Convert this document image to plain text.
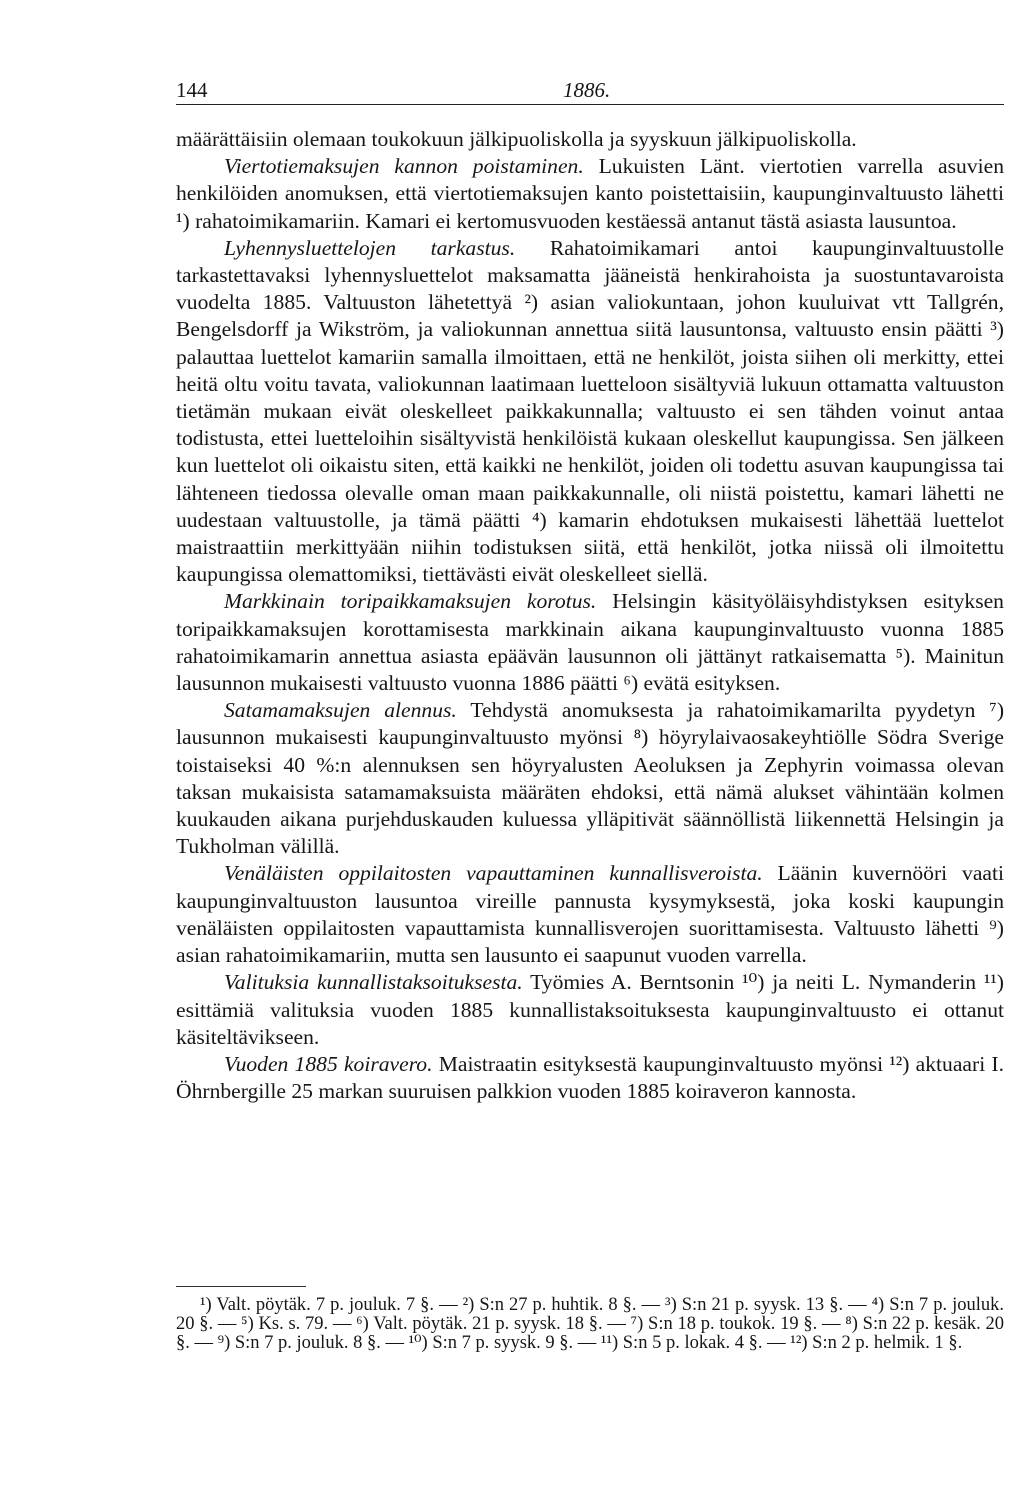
144	1886.

määrättäisiin olemaan toukokuun jälkipuoliskolla ja syyskuun jälkipuoliskolla.

Viertotiemaksujen kannon poistaminen. Lukuisten Länt. viertotien varrella asuvien henkilöiden anomuksen, että viertotiemaksujen kanto poistettaisiin, kaupunginvaltuusto lähetti ¹) rahatoimikamariin. Kamari ei kertomusvuoden kestäessä antanut tästä asiasta lausuntoa.

Lyhennysluettelojen tarkastus. Rahatoimikamari antoi kaupunginvaltuustolle tarkastettavaksi lyhennysluettelot maksamatta jääneistä henkirahoista ja suostuntavaroista vuodelta 1885. Valtuuston lähetettyä ²) asian valiokuntaan, johon kuuluivat vtt Tallgrén, Bengelsdorff ja Wikström, ja valiokunnan annettua siitä lausuntonsa, valtuusto ensin päätti ³) palauttaa luettelot kamariin samalla ilmoittaen, että ne henkilöt, joista siihen oli merkitty, ettei heitä oltu voitu tavata, valiokunnan laatimaan luetteloon sisältyviä lukuun ottamatta valtuuston tietämän mukaan eivät oleskelleet paikkakunnalla; valtuusto ei sen tähden voinut antaa todistusta, ettei luetteloihin sisältyvistä henkilöistä kukaan oleskellut kaupungissa. Sen jälkeen kun luettelot oli oikaistu siten, että kaikki ne henkilöt, joiden oli todettu asuvan kaupungissa tai lähteneen tiedossa olevalle oman maan paikkakunnalle, oli niistä poistettu, kamari lähetti ne uudestaan valtuustolle, ja tämä päätti ⁴) kamarin ehdotuksen mukaisesti lähettää luettelot maistraattiin merkittyään niihin todistuksen siitä, että henkilöt, jotka niissä oli ilmoitettu kaupungissa olemattomiksi, tiettävästi eivät oleskelleet siellä.

Markkinain toripaikkamaksujen korotus. Helsingin käsityöläisyhdistyksen esityksen toripaikkamaksujen korottamisesta markkinain aikana kaupunginvaltuusto vuonna 1885 rahatoimikamarin annettua asiasta epäävän lausunnon oli jättänyt ratkaisematta ⁵). Mainitun lausunnon mukaisesti valtuusto vuonna 1886 päätti ⁶) evätä esityksen.

Satamamaksujen alennus. Tehdystä anomuksesta ja rahatoimikamarilta pyydetyn ⁷) lausunnon mukaisesti kaupunginvaltuusto myönsi ⁸) höyrylaivaosakeyhtiölle Södra Sverige toistaiseksi 40 %:n alennuksen sen höyryalusten Aeoluksen ja Zephyrin voimassa olevan taksan mukaisista satamamaksuista määräten ehdoksi, että nämä alukset vähintään kolmen kuukauden aikana purjehduskauden kuluessa ylläpitivät säännöllistä liikennettä Helsingin ja Tukholman välillä.

Venäläisten oppilaitosten vapauttaminen kunnallisveroista. Läänin kuvernööri vaati kaupunginvaltuuston lausuntoa vireille pannusta kysymyksestä, joka koski kaupungin venäläisten oppilaitosten vapauttamista kunnallisverojen suorittamisesta. Valtuusto lähetti ⁹) asian rahatoimikamariin, mutta sen lausunto ei saapunut vuoden varrella.

Valituksia kunnallistaksoituksesta. Työmies A. Berntsonin ¹⁰) ja neiti L. Nymanderin ¹¹) esittämiä valituksia vuoden 1885 kunnallistaksoituksesta kaupunginvaltuusto ei ottanut käsiteltävikseen.

Vuoden 1885 koiravero. Maistraatin esityksestä kaupunginvaltuusto myönsi ¹²) aktuaari I. Öhrnbergille 25 markan suuruisen palkkion vuoden 1885 koiraveron kannosta.

¹) Valt. pöytäk. 7 p. jouluk. 7 §. — ²) S:n 27 p. huhtik. 8 §. — ³) S:n 21 p. syysk. 13 §. — ⁴) S:n 7 p. jouluk. 20 §. — ⁵) Ks. s. 79. — ⁶) Valt. pöytäk. 21 p. syysk. 18 §. — ⁷) S:n 18 p. toukok. 19 §. — ⁸) S:n 22 p. kesäk. 20 §. — ⁹) S:n 7 p. jouluk. 8 §. — ¹⁰) S:n 7 p. syysk. 9 §. — ¹¹) S:n 5 p. lokak. 4 §. — ¹²) S:n 2 p. helmik. 1 §.
